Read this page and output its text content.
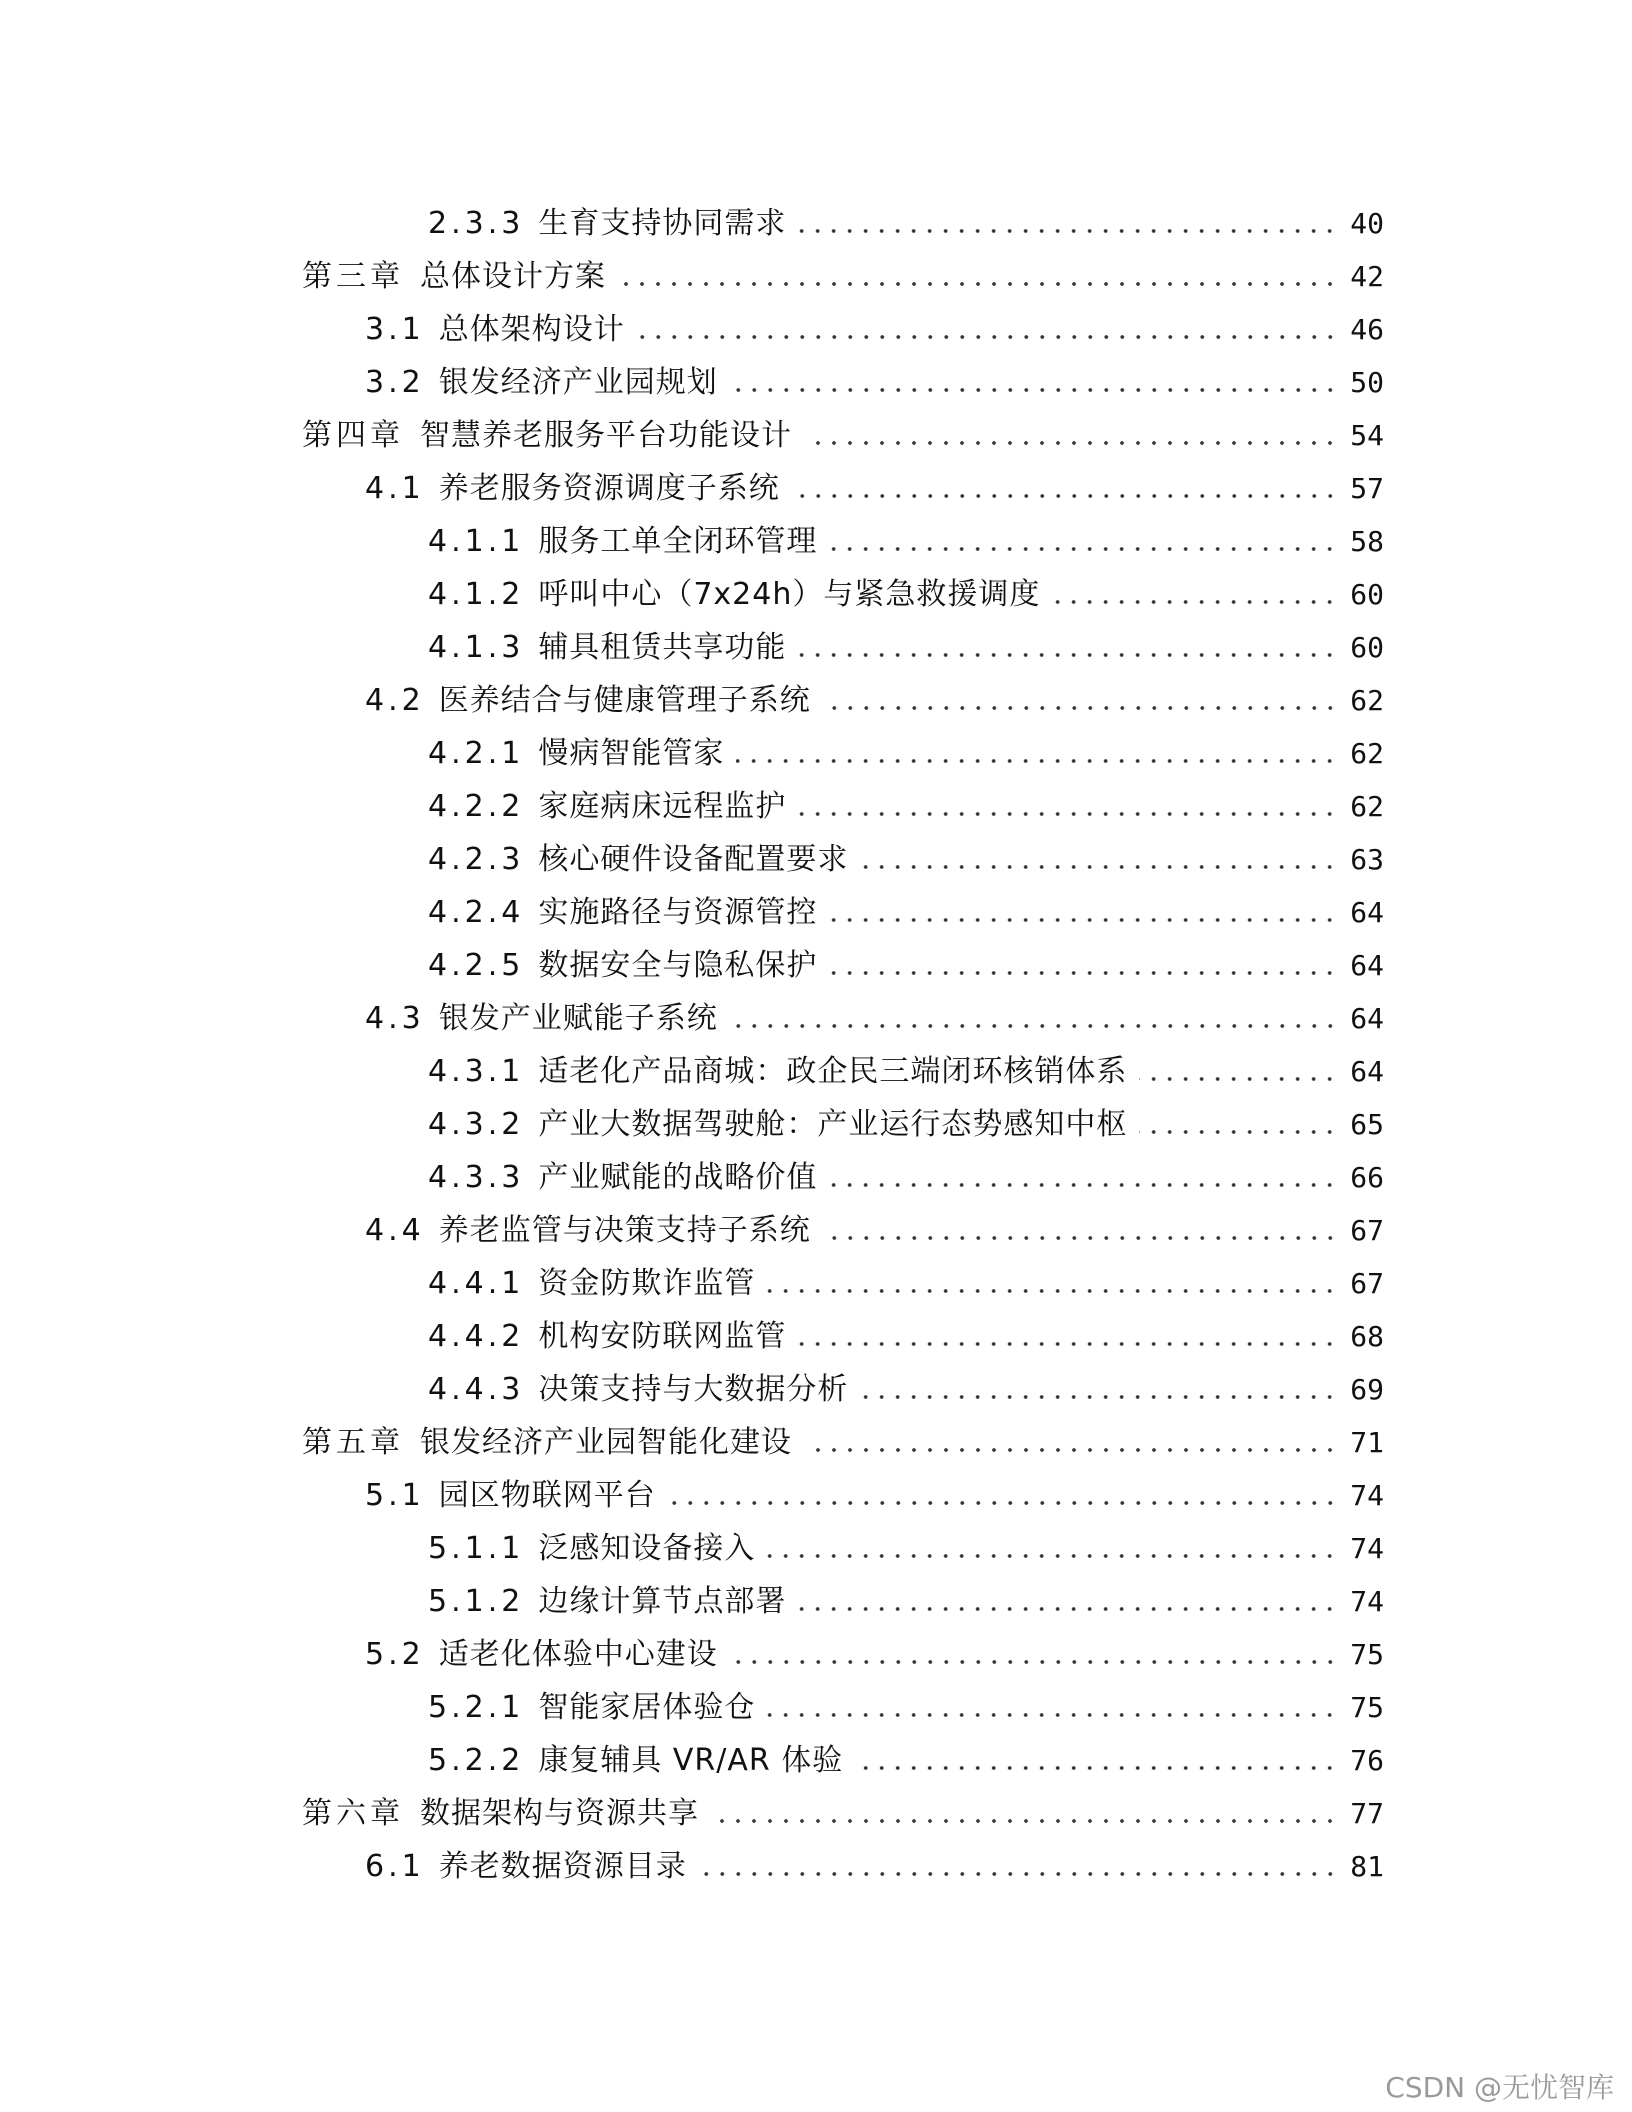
2.3.3 生育支持协同需求	40
第三章 总体设计方案	42
3.1 总体架构设计	46
3.2 银发经济产业园规划	50
第四章 智慧养老服务平台功能设计	54
4.1 养老服务资源调度子系统	57
4.1.1 服务工单全闭环管理	58
4.1.2 呼叫中心（7x24h）与紧急救援调度	60
4.1.3 辅具租赁共享功能	60
4.2 医养结合与健康管理子系统	62
4.2.1 慢病智能管家	62
4.2.2 家庭病床远程监护	62
4.2.3 核心硬件设备配置要求	63
4.2.4 实施路径与资源管控	64
4.2.5 数据安全与隐私保护	64
4.3 银发产业赋能子系统	64
4.3.1 适老化产品商城：政企民三端闭环核销体系	64
4.3.2 产业大数据驾驶舱：产业运行态势感知中枢	65
4.3.3 产业赋能的战略价值	66
4.4 养老监管与决策支持子系统	67
4.4.1 资金防欺诈监管	67
4.4.2 机构安防联网监管	68
4.4.3 决策支持与大数据分析	69
第五章 银发经济产业园智能化建设	71
5.1 园区物联网平台	74
5.1.1 泛感知设备接入	74
5.1.2 边缘计算节点部署	74
5.2 适老化体验中心建设	75
5.2.1 智能家居体验仓	75
5.2.2 康复辅具 VR/AR 体验	76
第六章 数据架构与资源共享	77
6.1 养老数据资源目录	81
CSDN @无忧智库
